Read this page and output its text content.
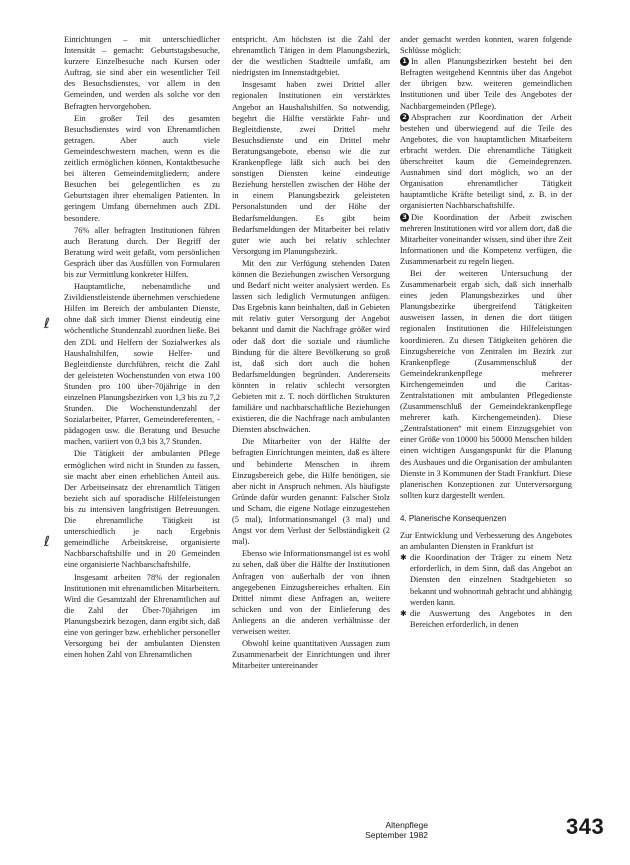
ℓ
ℓ

Einrichtungen – mit unterschiedlicher Intensität – gemacht: Geburtstagsbesuche, kurzere Einzelbesuche nach Kursen oder Auftrag, sie sind aber ein wesentlicher Teil des Besuchsdienstes, vor allem in den Gemeinden, und werden als solche vor den Befragten hervorgehoben.

Ein großer Teil des gesamten Besuchsdienstes wird von Ehrenamtlichen getragen. Aber auch viele Gemeindeschwestern machen, wenn es die zeitlich ermöglichen können, Kontaktbesuche bei älteren Gemeindemitgliedern; andere Besuchen bei gelegentlichen es zu Geburtstagen ihrer ehemaligen Patienten. In geringem Umfang übernehmen auch ZDL besondere.

76% aller befragten Institutionen führen auch Beratung durch. Der Begriff der Beratung wird weit gefaßt, vom persönlichen Gespräch über das Ausfüllen von Formularen bis zur Vermittlung konkreter Hilfen.

Hauptamtliche, nebenamtliche und Zivildienstleistende übernehmen verschiedene Hilfen im Bereich der ambulanten Dienste, ohne daß sich immer Dienst eindeutig eine wöchentliche Stundenzahl zuordnen ließe. Bei den ZDL und Helfern der Sozialwerkes als Haushaltshilfen, sowie Helfer- und Begleitdienste durchführen, reicht die Zahl der geleisteten Wochenstunden von etwa 100 Stunden pro 100 über-70jährige in den einzelnen Planungsbezirken von 1,3 bis zu 7,2 Stunden. Die Wochenstundenzahl der Sozialarbeiter, Pfarrer, Gemeindereferenten, -pädagogen usw. die Beratung und Besuche machen, variiert von 0,3 bis 3,7 Stunden.

Die Tätigkeit der ambulanten Pflege ermöglichen wird nicht in Stunden zu fassen, sie macht aber einen erheblichen Anteil aus. Der Arbeitseinsatz der ehrenamtlich Tätigen bezieht sich auf sporadische Hilfeleistungen bis zu intensiven langfristigen Betreuungen. Die ehrenamtliche Tätigkeit ist unterschiedlich je nach Ergebnis gemeindliche Arbeitskreise, organisierte Nachbarschaftshilfe und in 20 Gemeinden eine organisierte Nachbarschaftshilfe.

Insgesamt arbeiten 78% der regionalen Institutionen mit ehrenamtlichen Mitarbeitern. Wird die Gesamtzahl der Ehrenamtlichen auf die Zahl der Über-70jährigen im Planungsbezirk bezogen, dann ergibt sich, daß eine von geringer bzw. erheblicher personeller Versorgung bei der ambulanten Diensten einen hohen Zahl von Ehrenamtlichen

entspricht. Am höchsten ist die Zahl der ehrenamtlich Tätigen in dem Planungsbezirk, der die westlichen Stadtteile umfaßt, am niedrigsten im Innenstadtgebiet.

Insgesamt haben zwei Drittel aller regionalen Institutionen ein verstärktes Angebot an Haushaltshilfen. So notwendig, begehrt die Hälfte verstärkte Fahr- und Begleitdienste, zwei Drittel mehr Besuchsdienste und ein Drittel mehr Beratungsangebote, ebenso wie die zur Krankenpflege läßt sich auch bei den sonstigen Diensten keine eindeutige Beziehung herstellen zwischen der Höhe der in einem Planungsbezirk geleisteten Personalstunden und der Höhe der Bedarfsmeldungen. Es gibt beim Bedarfsmeldungen der Mitarbeiter bei relativ guter wie auch bei relativ schlechter Versorgung im Planungsbezirk.

Mit den zur Verfügung stehenden Daten können die Beziehungen zwischen Versorgung und Bedarf nicht weiter analysiert werden. Es lassen sich lediglich Vermutungen anfügen. Das Ergebnis kann beinhalten, daß in Gebieten mit relativ guter Versorgung der Angebot bekannt und damit die Nachfrage größer wird oder daß dort die soziale und räumliche Bindung für die ältere Bevölkerung so groß ist, daß sich dort auch die hohen Bedarfsmeldungen begründen. Andererseits könnten in relativ schlecht versorgten Gebieten mit z. T. noch dörflichen Strukturen familiäre und nachbarschaftliche Beziehungen existieren, die die Nachfrage nach ambulanten Diensten abschwächen.

Die Mitarbeiter von der Hälfte der befragten Einrichtungen meinten, daß es ältere und behinderte Menschen in ihrem Einzugsbereich gebe, die Hilfe benötigen, sie aber nicht in Anspruch nehmen. Als häufigste Gründe dafür wurden genannt: Falscher Stolz und Scham, die eigene Notlage einzugestehen (5 mal), Informationsmangel (3 mal) und Angst vor dem Verlust der Selbständigkeit (2 mal).

Ebenso wie Informationsmangel ist es wohl zu sehen, daß über die Hälfte der Institutionen Anfragen von außerhalb der von ihnen angegebenen Einzugsbereiches erhalten. Ein Drittel nimmt diese Anfragen an, weitere schicken und von der Einlieferung des Anliegens an die anderen verhältnisse der verweisen weiter.

Obwohl keine quantitativen Aussagen zum Zusammenarbeit der Einrichtungen und ihrer Mitarbeiter untereinander

ander gemacht werden konnten, waren folgende Schlüsse möglich:

1 In allen Planungsbezirken besteht bei den Befragten weitgehend Kenntnis über das Angebot der übrigen bzw. weiteren gemeindlichen Institutionen und über Teile des Angebotes der Nachbargemeinden (Pflege).

2 Absprachen zur Koordination der Arbeit bestehen und überwiegend auf die Teile des Angebotes, die von hauptamtlichen Mitarbeitern erbracht werden. Die ehrenamtliche Tätigkeit überschreitet kaum die Gemeindegrenzen. Ausnahmen sind dort möglich, wo an der Organisation ehrenamtlicher Tätigkeit hauptamtliche Kräfte beteiligt sind, z. B. in der organisierten Nachbarschaftshilfe.

3 Die Koordination der Arbeit zwischen mehreren Institutionen wird vor allem dort, daß die Mitarbeiter voneinander wissen, sind über ihre Zeit Informationen und die Kompetenz verfügen, die Zusammenarbeit zu regeln liegen.

Bei der weiteren Untersuchung der Zusammenarbeit ergab sich, daß sich innerhalb eines jeden Planungsbezirkes und über Planungsbezirke übergreifend Tätigkeiten ausweisen lassen, in denen die dort tätigen regionalen Institutionen die Hilfeleistungen koordinieren. Zu diesen Tätigkeiten gehören die Einzugsbereiche von Zentralen im Bezirk zur Krankenpflege (Zusammenschluß der Gemeindekrankenpflege mehrerer Kirchengemeinden und die Caritas-Zentralstationen mit ambulanten Pflegedienste (Zusammenschluß der Gemeindekrankenpflege mehrerer kath. Kirchengemeinden). Diese „Zentralstationen“ mit einem Einzugsgebiet von einer Größe von 10000 bis 50000 Menschen bilden einen wichtigen Ausgangspunkt für die Planung des Ausbaues und die Organisation der ambulanten Dienste in 3 Kommunen der Stadt Frankfurt. Diese planerischen Konzeptionen zur Unterversorgung sollten kurz dargestellt werden.

4. Planerische Konsequenzen

Zur Entwicklung und Verbesserung des Angebotes an ambulanten Diensten in Frankfurt ist

✱ die Koordination der Träger zu einem Netz erforderlich, in dem Sinn, daß das Angebot an Diensten den einzelnen Stadtgebieten so bekannt und wohnortnah gebracht und abhängig werden kann.

✱ die Auswertung des Angebotes in den Bereichen erforderlich, in denen

Altenpflege
September 1982	343
